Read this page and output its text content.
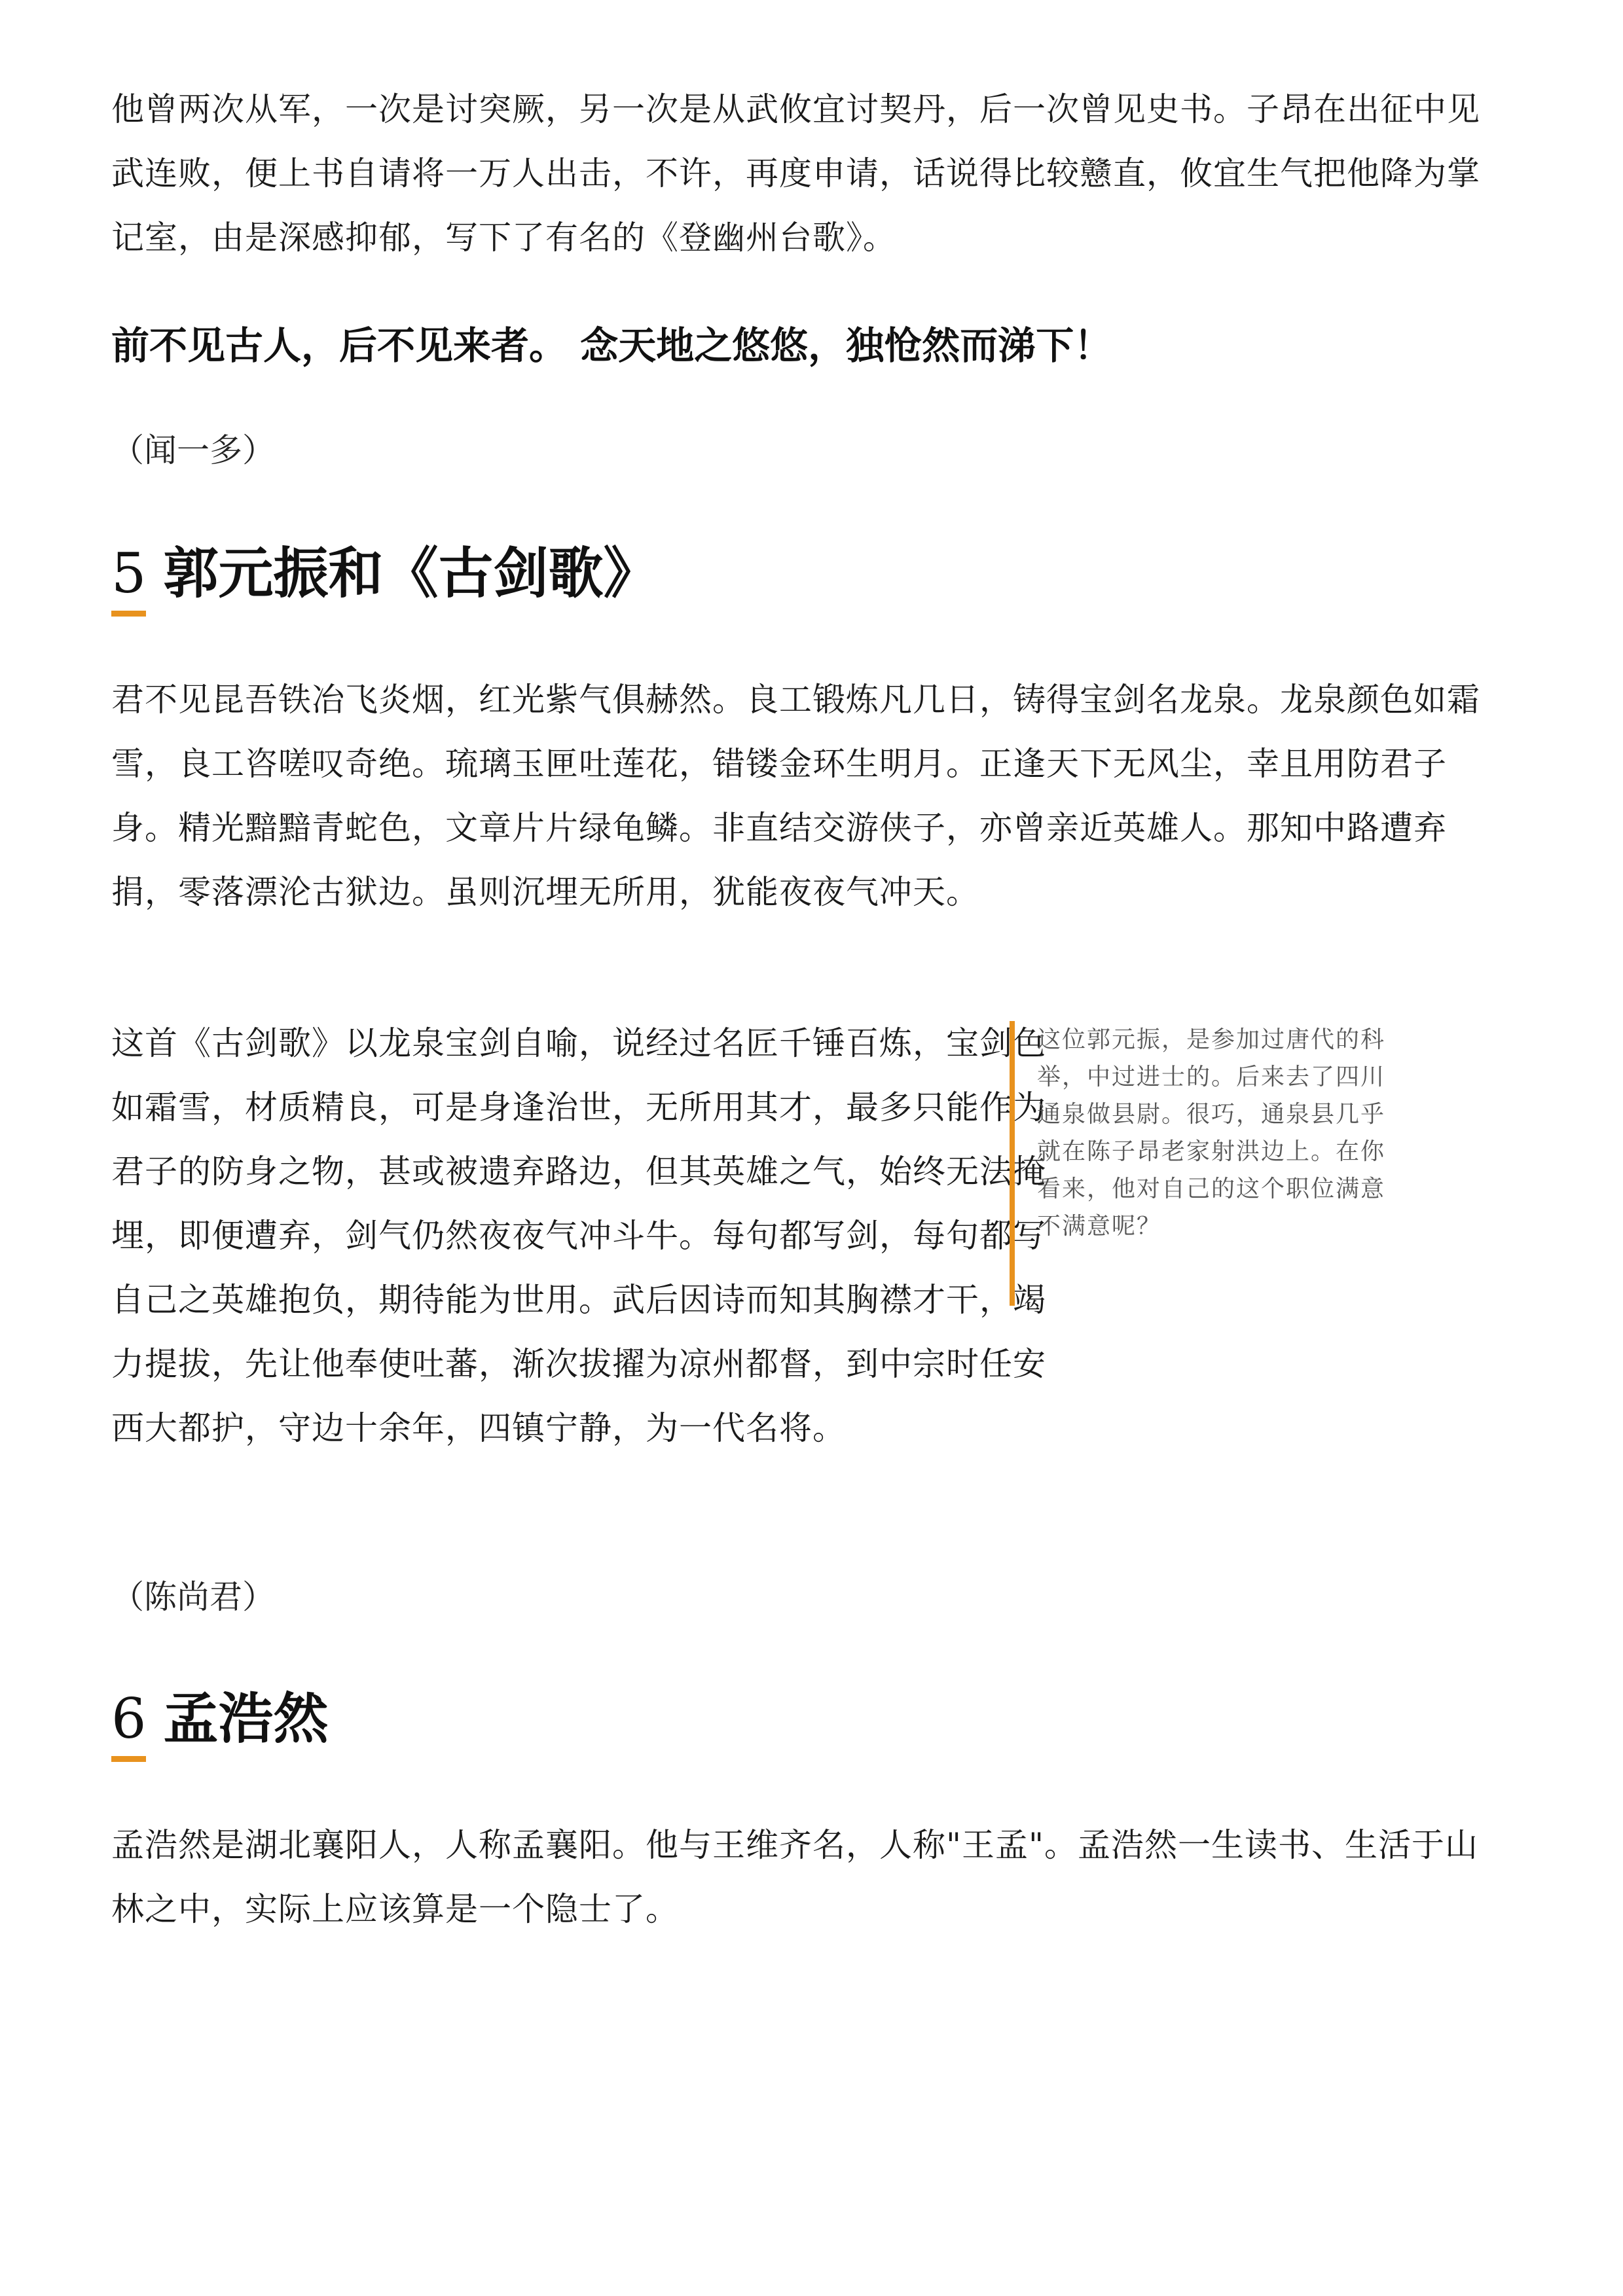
他曾两次从军，一次是讨突厥，另一次是从武攸宜讨契丹，后一次曾见史书。子昂在出征中见武连败，便上书自请将一万人出击，不许，再度申请，话说得比较戆直，攸宜生气把他降为掌记室，由是深感抑郁，写下了有名的《登幽州台歌》。

前不见古人，后不见来者。 念天地之悠悠，独怆然而涕下！

（闻一多）

5 郭元振和《古剑歌》

君不见昆吾铁冶飞炎烟，红光紫气俱赫然。良工锻炼凡几日，铸得宝剑名龙泉。龙泉颜色如霜雪，良工咨嗟叹奇绝。琉璃玉匣吐莲花，错镂金环生明月。正逢天下无风尘，幸且用防君子身。精光黯黯青蛇色，文章片片绿龟鳞。非直结交游侠子，亦曾亲近英雄人。那知中路遭弃捐，零落漂沦古狱边。虽则沉埋无所用，犹能夜夜气冲天。

这首《古剑歌》以龙泉宝剑自喻，说经过名匠千锤百炼，宝剑色如霜雪，材质精良，可是身逢治世，无所用其才，最多只能作为君子的防身之物，甚或被遗弃路边，但其英雄之气，始终无法掩埋，即便遭弃，剑气仍然夜夜气冲斗牛。每句都写剑，每句都写自己之英雄抱负，期待能为世用。武后因诗而知其胸襟才干，竭力提拔，先让他奉使吐蕃，渐次拔擢为凉州都督，到中宗时任安西大都护，守边十余年，四镇宁静，为一代名将。

（陈尚君）

6 孟浩然

孟浩然是湖北襄阳人，人称孟襄阳。他与王维齐名，人称"王孟"。孟浩然一生读书、生活于山林之中，实际上应该算是一个隐士了。

这位郭元振，是参加过唐代的科举，中过进士的。后来去了四川通泉做县尉。很巧，通泉县几乎就在陈子昂老家射洪边上。在你看来，他对自己的这个职位满意不满意呢？
